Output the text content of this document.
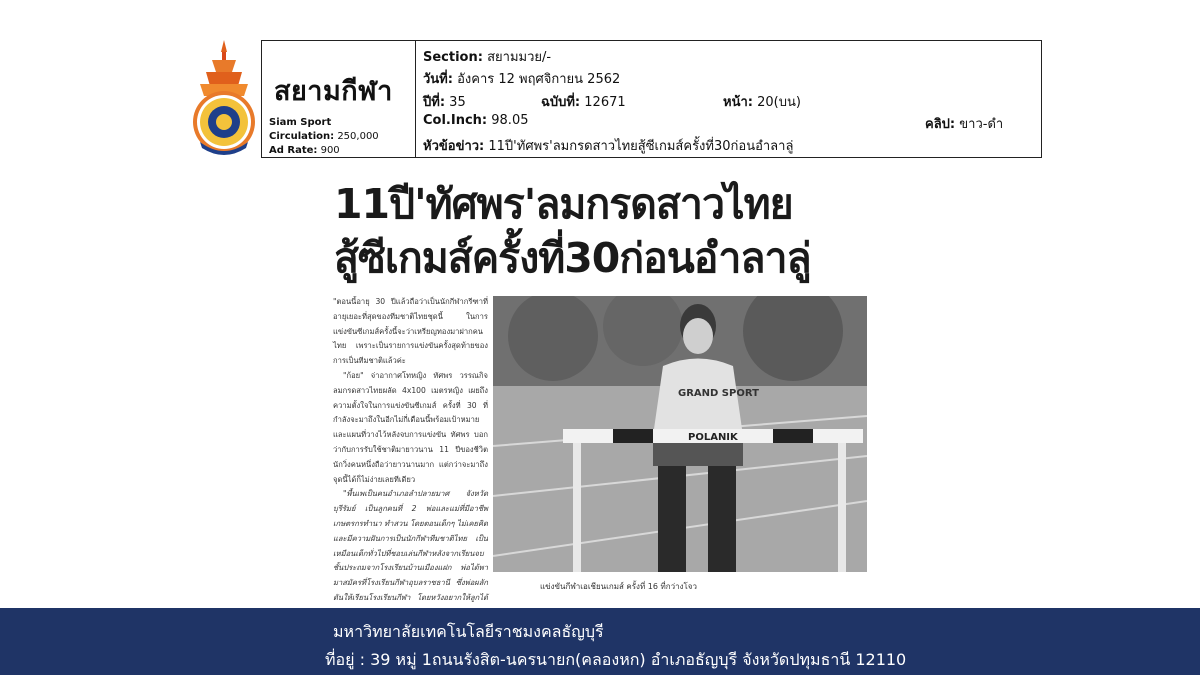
สยามกีฬา
Siam Sport
Circulation: 250,000
Ad Rate: 900
Section: สยามมวย/-
วันที่: อังคาร 12 พฤศจิกายน 2562
ปีที่: 35	ฉบับที่: 12671	หน้า: 20(บน)
Col.Inch: 98.05	คลิป: ขาว-ดำ
หัวข้อข่าว: 11ปี'ทัศพร'ลมกรดสาวไทยสู้ซีเกมส์ครั้งที่30ก่อนอำลาลู่
11ปี'ทัศพร'ลมกรดสาวไทย
สู้ซีเกมส์ครั้งที่30ก่อนอำลาลู่

"ตอนนี้อายุ 30 ปีแล้วถือว่าเป็นนักกีฬากรีฑาที่อายุเยอะที่สุดของทีมชาติไทยชุดนี้ ในการแข่งขันซีเกมส์ครั้งนี้จะว่าเหรียญทองมาฝากคนไทย เพราะเป็นรายการแข่งขันครั้งสุดท้ายของการเป็นทีมชาติแล้วค่ะ

"ก้อย" จ่าอากาศโทหญิง ทัศพร วรรณกิจ ลมกรดสาวไทยผลัด 4x100 เมตรหญิง เผยถึงความตั้งใจในการแข่งขันซีเกมส์ ครั้งที่ 30 ที่กำลังจะมาถึงในอีกไม่กี่เดือนนี้พร้อมเป้าหมายและแผนที่วางไว้หลังจบการแข่งขัน ทัศพร บอกว่ากับการรับใช้ชาติมายาวนาน 11 ปีของชีวิตนักวิ่งคนหนึ่งถือว่ายาวนานมาก แต่กว่าจะมาถึงจุดนี้ได้ก็ไม่ง่ายเลยทีเดียว

"พื้นเพเป็นคนอำเภอลำปลายมาศ จังหวัดบุรีรัมย์ เป็นลูกคนที่ 2 พ่อและแม่ที่มีอาชีพเกษตรกรทำนา ทำสวน โดยตอนเด็กๆ ไม่เคยคิดและมีความฝันการเป็นนักกีฬาทีมชาติไทย เป็นเหมือนเด็กทั่วไปที่ชอบเล่นกีฬาหลังจากเรียนจบชั้นประถมจากโรงเรียนบ้านเมืองแฝก พ่อได้พามาสมัครที่โรงเรียนกีฬาอุบลราชธานี ซึ่งพ่อผลักดันให้เรียนโรงเรียนกีฬา โดยหวังอยากให้ลูกได้

GRAND SPORT
POLANIK
แข่งขันกีฬาเอเชียนเกมส์ ครั้งที่ 16 ที่กว่างโจว
มหาวิทยาลัยเทคโนโลยีราชมงคลธัญบุรี
ที่อยู่ : 39 หมู่ 1ถนนรังสิต-นครนายก(คลองหก) อำเภอธัญบุรี จังหวัดปทุมธานี 12110
